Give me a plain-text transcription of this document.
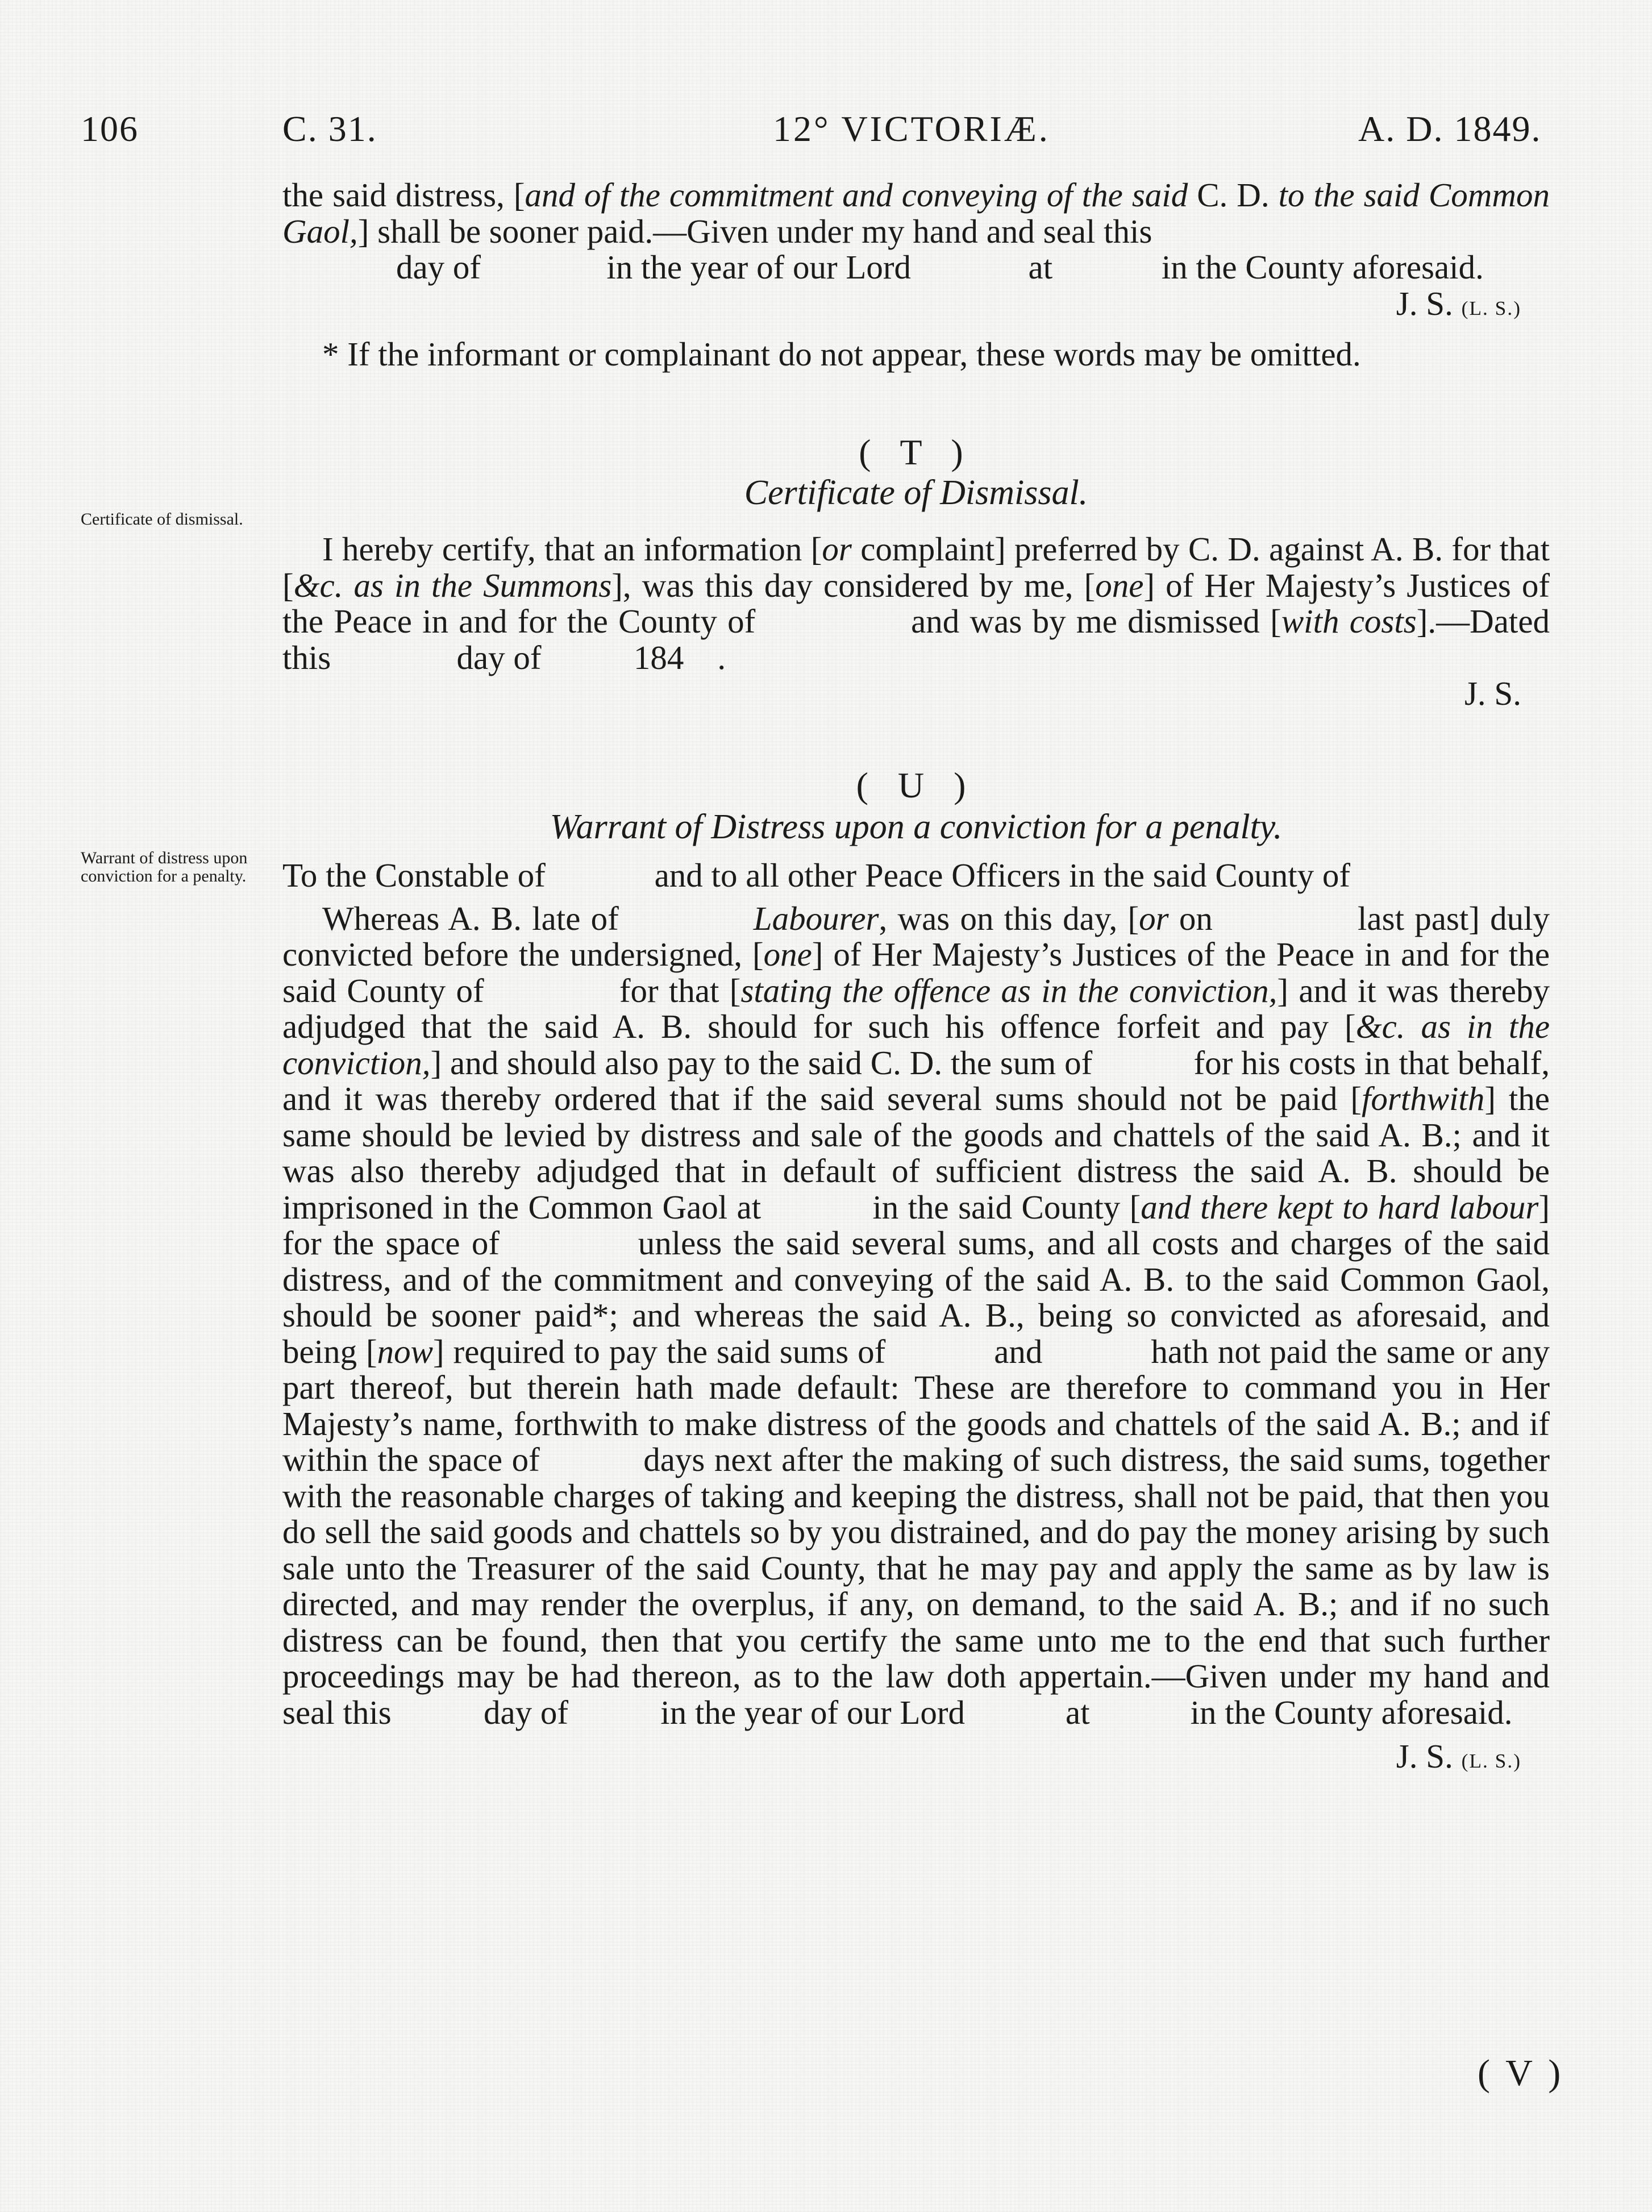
106	C. 31.	12° VICTORIÆ.	A. D. 1849.

the said distress, [and of the commitment and conveying of the said C. D. to the said Common Gaol,] shall be sooner paid.—Given under my hand and seal this

day of               in the year of our Lord              at             in the County aforesaid.

J. S. (L. S.)

* If the informant or complainant do not appear, these words may be omitted.

Certificate of dismissal.

( T )

Certificate of Dismissal.

I hereby certify, that an information [or complaint] preferred by C. D. against A. B. for that [&c. as in the Summons], was this day considered by me, [one] of Her Majesty’s Justices of the Peace in and for the County of               and was by me dismissed [with costs].—Dated this               day of           184    .

J. S.

Warrant of distress upon conviction for a penalty.

( U )

Warrant of Distress upon a conviction for a penalty.

To the Constable of             and to all other Peace Officers in the said County of

Whereas A. B. late of             Labourer, was on this day, [or on              last past] duly convicted before the undersigned, [one] of Her Majesty’s Justices of the Peace in and for the said County of             for that [stating the offence as in the conviction,] and it was thereby adjudged that the said A. B. should for such his offence forfeit and pay [&c. as in the conviction,] and should also pay to the said C. D. the sum of            for his costs in that behalf, and it was thereby ordered that if the said several sums should not be paid [forthwith] the same should be levied by distress and sale of the goods and chattels of the said A. B.; and it was also thereby adjudged that in default of sufficient distress the said A. B. should be imprisoned in the Common Gaol at            in the said County [and there kept to hard labour] for the space of            unless the said several sums, and all costs and charges of the said distress, and of the commitment and conveying of the said A. B. to the said Common Gaol, should be sooner paid*; and whereas the said A. B., being so convicted as aforesaid, and being [now] required to pay the said sums of            and            hath not paid the same or any part thereof, but therein hath made default: These are therefore to command you in Her Majesty’s name, forthwith to make distress of the goods and chattels of the said A. B.; and if within the space of           days next after the making of such distress, the said sums, together with the reasonable charges of taking and keeping the distress, shall not be paid, that then you do sell the said goods and chattels so by you distrained, and do pay the money arising by such sale unto the Treasurer of the said County, that he may pay and apply the same as by law is directed, and may render the overplus, if any, on demand, to the said A. B.; and if no such distress can be found, then that you certify the same unto me to the end that such further proceedings may be had thereon, as to the law doth appertain.—Given under my hand and seal this           day of           in the year of our Lord            at            in the County aforesaid.

J. S. (L. S.)

( V )
